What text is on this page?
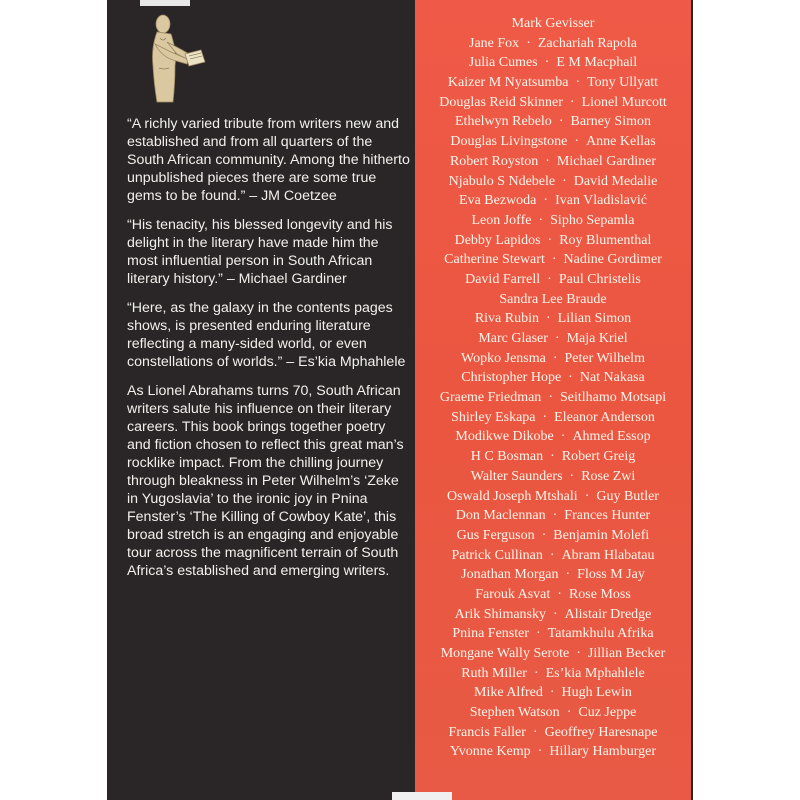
“A richly varied tribute from writers new and established and from all quarters of the South African community. Among the hitherto unpublished pieces there are some true gems to be found.” – JM Coetzee

“His tenacity, his blessed longevity and his delight in the literary have made him the most influential person in South African literary history.” – Michael Gardiner

“Here, as the galaxy in the contents pages shows, is presented enduring literature reflecting a many-sided world, or even constellations of worlds.” – Es’kia Mphahlele

As Lionel Abrahams turns 70, South African writers salute his influence on their literary careers. This book brings together poetry and fiction chosen to reflect this great man’s rocklike impact. From the chilling journey through bleakness in Peter Wilhelm’s ‘Zeke in Yugoslavia’ to the ironic joy in Pnina Fenster’s ‘The Killing of Cowboy Kate’, this broad stretch is an engaging and enjoyable tour across the magnificent terrain of South Africa’s established and emerging writers.

Mark Gevisser
Jane Fox · Zachariah Rapola
Julia Cumes · E M Macphail
Kaizer M Nyatsumba · Tony Ullyatt
Douglas Reid Skinner · Lionel Murcott
Ethelwyn Rebelo · Barney Simon
Douglas Livingstone · Anne Kellas
Robert Royston · Michael Gardiner
Njabulo S Ndebele · David Medalie
Eva Bezwoda · Ivan Vladislavić
Leon Joffe · Sipho Sepamla
Debby Lapidos · Roy Blumenthal
Catherine Stewart · Nadine Gordimer
David Farrell · Paul Christelis
Sandra Lee Braude
Riva Rubin · Lilian Simon
Marc Glaser · Maja Kriel
Wopko Jensma · Peter Wilhelm
Christopher Hope · Nat Nakasa
Graeme Friedman · Seitlhamo Motsapi
Shirley Eskapa · Eleanor Anderson
Modikwe Dikobe · Ahmed Essop
H C Bosman · Robert Greig
Walter Saunders · Rose Zwi
Oswald Joseph Mtshali · Guy Butler
Don Maclennan · Frances Hunter
Gus Ferguson · Benjamin Molefi
Patrick Cullinan · Abram Hlabatau
Jonathan Morgan · Floss M Jay
Farouk Asvat · Rose Moss
Arik Shimansky · Alistair Dredge
Pnina Fenster · Tatamkhulu Afrika
Mongane Wally Serote · Jillian Becker
Ruth Miller · Es’kia Mphahlele
Mike Alfred · Hugh Lewin
Stephen Watson · Cuz Jeppe
Francis Faller · Geoffrey Haresnape
Yvonne Kemp · Hillary Hamburger
